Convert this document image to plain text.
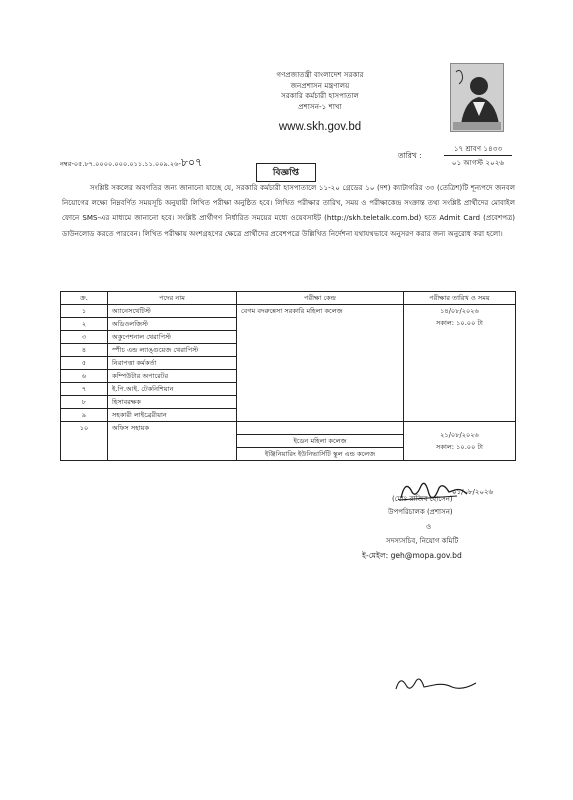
গণপ্রজাতন্ত্রী বাংলাদেশ সরকার
জনপ্রশাসন মন্ত্রণালয়
সরকারি কর্মচারী হাসপাতাল
প্রশাসন-১ শাখা
www.skh.gov.bd
নম্বর-০৫.৮৭.০০০০.০০০.০১১.১১.০০৯.২৬-৮০৭
তারিখ :
১৭ শ্রাবণ ১৪৩৩
০১ আগস্ট ২০২৬
বিজ্ঞপ্তি
সংশ্লিষ্ট সকলের অবগতির জন্য জানানো যাচ্ছে যে, সরকারি কর্মচারী হাসপাতালে ১১-২০ গ্রেডের ১০ (দশ) ক্যাটাগরির ৩৩ (তেত্রিশ)টি শূন্যপদে জনবল নিয়োগের লক্ষ্যে নিম্নবর্ণিত সময়সূচি অনুযায়ী লিখিত পরীক্ষা অনুষ্ঠিত হবে। লিখিত পরীক্ষার তারিখ, সময় ও পরীক্ষাকেন্দ্র সংক্রান্ত তথ্য সংশ্লিষ্ট প্রার্থীদের মোবাইল ফোনে SMS-এর মাধ্যমে জানানো হবে। সংশ্লিষ্ট প্রার্থীগণ নির্ধারিত সময়ের মধ্যে ওয়েবসাইট (http://skh.teletalk.com.bd) হতে Admit Card (প্রবেশপত্র) ডাউনলোড করতে পারবেন। লিখিত পরীক্ষায় অংশগ্রহণের ক্ষেত্রে প্রার্থীদের প্রবেশপত্রে উল্লিখিত নির্দেশনা যথাযথভাবে অনুসরণ করার জন্য অনুরোধ করা হলো।
ক্র.	পদের নাম	পরীক্ষা কেন্দ্র	পরীক্ষার তারিখ ও সময়
১	অ্যানেসথেটিস্ট	বেগম বদরুন্নেসা সরকারি মহিলা কলেজ	১৪/০৮/২০২৬
সকাল: ১০.০০ টা

২	অডিওলজিস্ট		
৩	অকুপেশনাল থেরাপিস্ট		
৪	স্পীচ এন্ড ল্যাঙ্গুয়েজ থেরাপিস্ট		
৫	নিরাপত্তা কর্মকর্তা		
৬	কম্পিউটার অপারেটর		
৭	ই.পি.আই. টেকনিশিয়ান		
৮	হিসাবরক্ষক		
৯	সহকারী লাইব্রেরীয়ান		
১০	অফিস সহায়ক		২১/০৮/২০২৬
সকাল: ১০.০০ টা

		ইডেন মহিলা কলেজ	
		ইঞ্জিনিয়ারিং ইউনিভার্সিটি স্কুল এন্ড কলেজ	
০১/০৮/২০২৬
(মোঃ রাজিব হোসেন)
উপপরিচালক (প্রশাসন)
ও
সদস্যসচিব, নিয়োগ কমিটি
ই-মেইল: geh@mopa.gov.bd
